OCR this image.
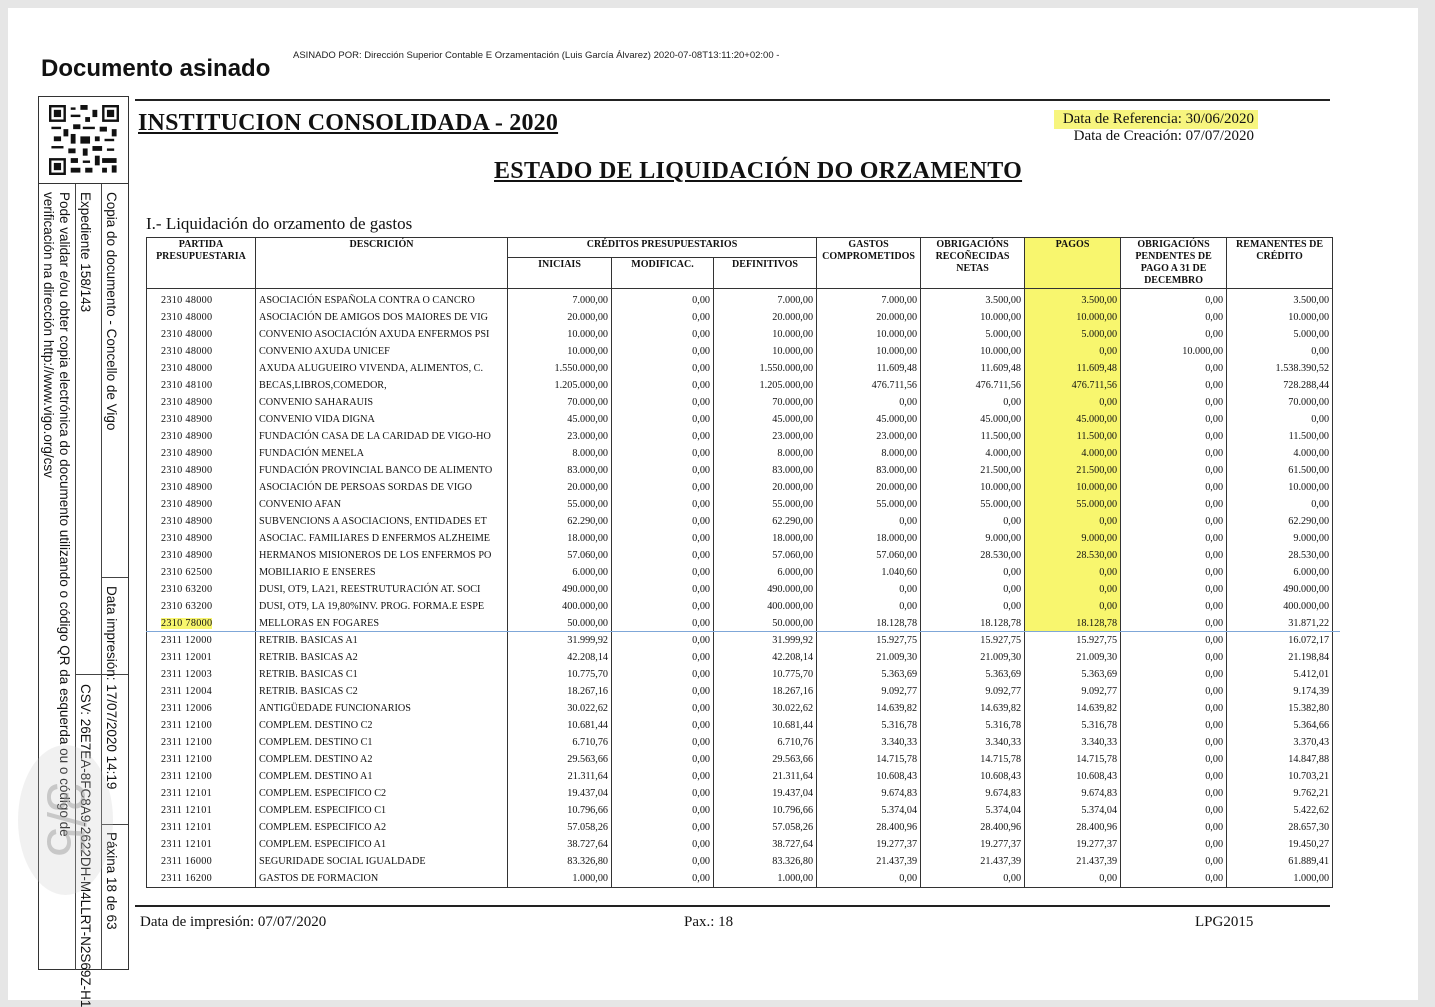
Documento asinado ASINADO POR: Dirección Superior Contable E Orzamentación (Luis García Álvarez) 2020-07-08T13:11:20+02:00 -
Copia do documento - Concello de Vigo
Expediente 158/143
Pode validar e/ou obter copia electrónica do documento utilizando o código QR da esquerda ou o código de
verificación na dirección http://www.vigo.org/csv
Data impresión: 17/07/2020 14:19
CSV: 26E7EA-8FC8A9-2622DH-M4LLRT-N2S69Z-H1 Páxina 18 de 63
3/5
INSTITUCION CONSOLIDADA - 2020	Data de Referencia: 30/06/2020
Data de Creación: 07/07/2020
ESTADO DE LIQUIDACIÓN DO ORZAMENTO
I.- Liquidación do orzamento de gastos
PARTIDA PRESUPUESTARIA	DESCRICIÓN	CRÉDITOS PRESUPUESTARIOS			GASTOS COMPROMETIDOS	OBRIGACIÓNS RECOÑECIDAS NETAS	PAGOS	OBRIGACIÓNS PENDENTES DE PAGO A 31 DE DECEMBRO	REMANENTES DE CRÉDITO
		INICIAIS	MODIFICAC.	DEFINITIVOS					
2310 48000	ASOCIACIÓN ESPAÑOLA CONTRA O CANCRO	7.000,00	0,00	7.000,00	7.000,00	3.500,00	3.500,00	0,00	3.500,00
2310 48000	ASOCIACIÓN DE AMIGOS DOS MAIORES DE VIG	20.000,00	0,00	20.000,00	20.000,00	10.000,00	10.000,00	0,00	10.000,00
2310 48000	CONVENIO ASOCIACIÓN AXUDA ENFERMOS PSI	10.000,00	0,00	10.000,00	10.000,00	5.000,00	5.000,00	0,00	5.000,00
2310 48000	CONVENIO AXUDA UNICEF	10.000,00	0,00	10.000,00	10.000,00	10.000,00	0,00	10.000,00	0,00
2310 48000	AXUDA ALUGUEIRO VIVENDA, ALIMENTOS, C.	1.550.000,00	0,00	1.550.000,00	11.609,48	11.609,48	11.609,48	0,00	1.538.390,52
2310 48100	BECAS,LIBROS,COMEDOR,	1.205.000,00	0,00	1.205.000,00	476.711,56	476.711,56	476.711,56	0,00	728.288,44
2310 48900	CONVENIO SAHARAUIS	70.000,00	0,00	70.000,00	0,00	0,00	0,00	0,00	70.000,00
2310 48900	CONVENIO VIDA DIGNA	45.000,00	0,00	45.000,00	45.000,00	45.000,00	45.000,00	0,00	0,00
2310 48900	FUNDACIÓN CASA DE LA CARIDAD DE VIGO-HO	23.000,00	0,00	23.000,00	23.000,00	11.500,00	11.500,00	0,00	11.500,00
2310 48900	FUNDACIÓN MENELA	8.000,00	0,00	8.000,00	8.000,00	4.000,00	4.000,00	0,00	4.000,00
2310 48900	FUNDACIÓN PROVINCIAL BANCO DE ALIMENTO	83.000,00	0,00	83.000,00	83.000,00	21.500,00	21.500,00	0,00	61.500,00
2310 48900	ASOCIACIÓN DE PERSOAS SORDAS DE VIGO	20.000,00	0,00	20.000,00	20.000,00	10.000,00	10.000,00	0,00	10.000,00
2310 48900	CONVENIO AFAN	55.000,00	0,00	55.000,00	55.000,00	55.000,00	55.000,00	0,00	0,00
2310 48900	SUBVENCIONS A ASOCIACIONS, ENTIDADES ET	62.290,00	0,00	62.290,00	0,00	0,00	0,00	0,00	62.290,00
2310 48900	ASOCIAC. FAMILIARES D ENFERMOS ALZHEIME	18.000,00	0,00	18.000,00	18.000,00	9.000,00	9.000,00	0,00	9.000,00
2310 48900	HERMANOS MISIONEROS DE LOS ENFERMOS PO	57.060,00	0,00	57.060,00	57.060,00	28.530,00	28.530,00	0,00	28.530,00
2310 62500	MOBILIARIO E ENSERES	6.000,00	0,00	6.000,00	1.040,60	0,00	0,00	0,00	6.000,00
2310 63200	DUSI, OT9, LA21, REESTRUTURACIÓN AT. SOCI	490.000,00	0,00	490.000,00	0,00	0,00	0,00	0,00	490.000,00
2310 63200	DUSI, OT9, LA 19,80%INV. PROG. FORMA.E ESPE	400.000,00	0,00	400.000,00	0,00	0,00	0,00	0,00	400.000,00
2310 78000	MELLORAS EN FOGARES	50.000,00	0,00	50.000,00	18.128,78	18.128,78	18.128,78	0,00	31.871,22
2311 12000	RETRIB. BASICAS A1	31.999,92	0,00	31.999,92	15.927,75	15.927,75	15.927,75	0,00	16.072,17
2311 12001	RETRIB. BASICAS A2	42.208,14	0,00	42.208,14	21.009,30	21.009,30	21.009,30	0,00	21.198,84
2311 12003	RETRIB. BASICAS C1	10.775,70	0,00	10.775,70	5.363,69	5.363,69	5.363,69	0,00	5.412,01
2311 12004	RETRIB. BASICAS C2	18.267,16	0,00	18.267,16	9.092,77	9.092,77	9.092,77	0,00	9.174,39
2311 12006	ANTIGÜEDADE FUNCIONARIOS	30.022,62	0,00	30.022,62	14.639,82	14.639,82	14.639,82	0,00	15.382,80
2311 12100	COMPLEM. DESTINO C2	10.681,44	0,00	10.681,44	5.316,78	5.316,78	5.316,78	0,00	5.364,66
2311 12100	COMPLEM. DESTINO C1	6.710,76	0,00	6.710,76	3.340,33	3.340,33	3.340,33	0,00	3.370,43
2311 12100	COMPLEM. DESTINO A2	29.563,66	0,00	29.563,66	14.715,78	14.715,78	14.715,78	0,00	14.847,88
2311 12100	COMPLEM. DESTINO A1	21.311,64	0,00	21.311,64	10.608,43	10.608,43	10.608,43	0,00	10.703,21
2311 12101	COMPLEM. ESPECIFICO C2	19.437,04	0,00	19.437,04	9.674,83	9.674,83	9.674,83	0,00	9.762,21
2311 12101	COMPLEM. ESPECIFICO C1	10.796,66	0,00	10.796,66	5.374,04	5.374,04	5.374,04	0,00	5.422,62
2311 12101	COMPLEM. ESPECIFICO A2	57.058,26	0,00	57.058,26	28.400,96	28.400,96	28.400,96	0,00	28.657,30
2311 12101	COMPLEM. ESPECIFICO A1	38.727,64	0,00	38.727,64	19.277,37	19.277,37	19.277,37	0,00	19.450,27
2311 16000	SEGURIDADE SOCIAL IGUALDADE	83.326,80	0,00	83.326,80	21.437,39	21.437,39	21.437,39	0,00	61.889,41
2311 16200	GASTOS DE FORMACION	1.000,00	0,00	1.000,00	0,00	0,00	0,00	0,00	1.000,00
Data de impresión: 07/07/2020	Pax.: 18	LPG2015
